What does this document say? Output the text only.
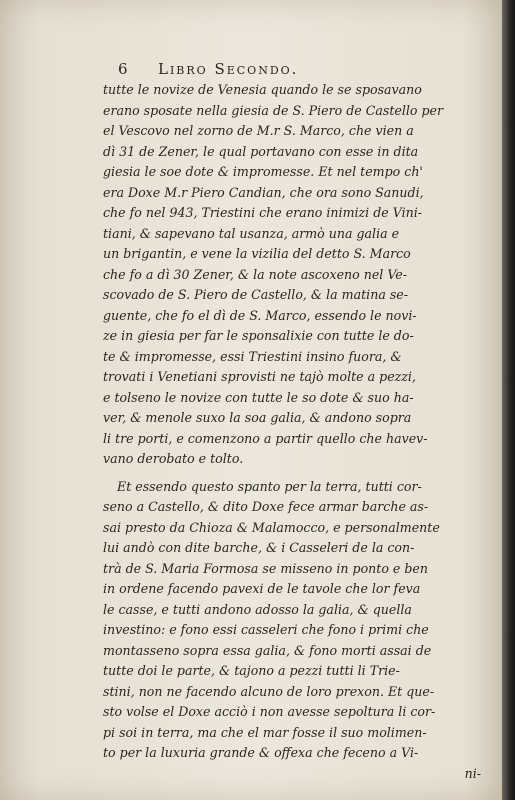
6 Libro Secondo.
tutte le novize de Venesia quando le se sposavano
erano sposate nella giesia de S. Piero de Castello per
el Vescovo nel zorno de M.r S. Marco, che vien a
dì 31 de Zener, le qual portavano con esse in dita
giesia le soe dote & impromesse. Et nel tempo ch'
era Doxe M.r Piero Candian, che ora sono Sanudi,
che fo nel 943, Triestini che erano inimizi de Vini-
tiani, & sapevano tal usanza, armò una galia e
un brigantin, e vene la vizilia del detto S. Marco
che fo a dì 30 Zener, & la note ascoxeno nel Ve-
scovado de S. Piero de Castello, & la matina se-
guente, che fo el dì de S. Marco, essendo le novi-
ze in giesia per far le sponsalixie con tutte le do-
te & impromesse, essi Triestini insino fuora, &
trovati i Venetiani sprovisti ne tajò molte a pezzi,
e tolseno le novize con tutte le so dote & suo ha-
ver, & menole suxo la soa galia, & andono sopra
li tre porti, e comenzono a partir quello che havev-
vano derobato e tolto.
Et essendo questo spanto per la terra, tutti cor-
seno a Castello, & dito Doxe fece armar barche as-
sai presto da Chioza & Malamocco, e personalmente
lui andò con dite barche, & i Casseleri de la con-
trà de S. Maria Formosa se misseno in ponto e ben
in ordene facendo pavexi de le tavole che lor feva
le casse, e tutti andono adosso la galia, & quella
investino: e fono essi casseleri che fono i primi che
montasseno sopra essa galia, & fono morti assai de
tutte doi le parte, & tajono a pezzi tutti li Trie-
stini, non ne facendo alcuno de loro prexon. Et que-
sto volse el Doxe acciò i non avesse sepoltura li cor-
pi soi in terra, ma che el mar fosse il suo molimen-
to per la luxuria grande & offexa che feceno a Vi-
ni-
